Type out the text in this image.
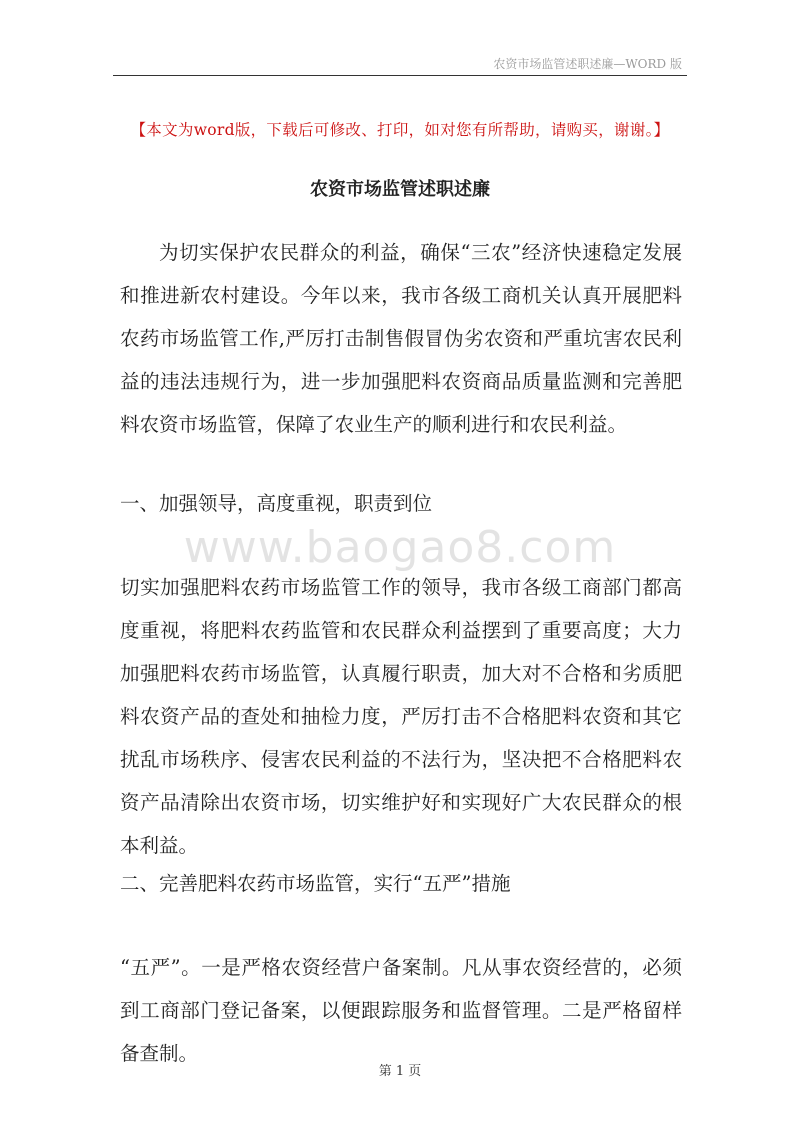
农资市场监管述职述廉—WORD 版
【本文为word版，下载后可修改、打印，如对您有所帮助，请购买，谢谢。】
农资市场监管述职述廉
为切实保护农民群众的利益，确保“三农”经济快速稳定发展和推进新农村建设。今年以来，我市各级工商机关认真开展肥料农药市场监管工作,严厉打击制售假冒伪劣农资和严重坑害农民利益的违法违规行为，进一步加强肥料农资商品质量监测和完善肥料农资市场监管，保障了农业生产的顺利进行和农民利益。
一、加强领导，高度重视，职责到位
www.baogao8.com
切实加强肥料农药市场监管工作的领导，我市各级工商部门都高度重视，将肥料农药监管和农民群众利益摆到了重要高度；大力加强肥料农药市场监管，认真履行职责，加大对不合格和劣质肥料农资产品的查处和抽检力度，严厉打击不合格肥料农资和其它扰乱市场秩序、侵害农民利益的不法行为，坚决把不合格肥料农资产品清除出农资市场，切实维护好和实现好广大农民群众的根本利益。
二、完善肥料农药市场监管，实行“五严”措施
“五严”。一是严格农资经营户备案制。凡从事农资经营的，必须到工商部门登记备案，以便跟踪服务和监督管理。二是严格留样备查制。
第 1 页
